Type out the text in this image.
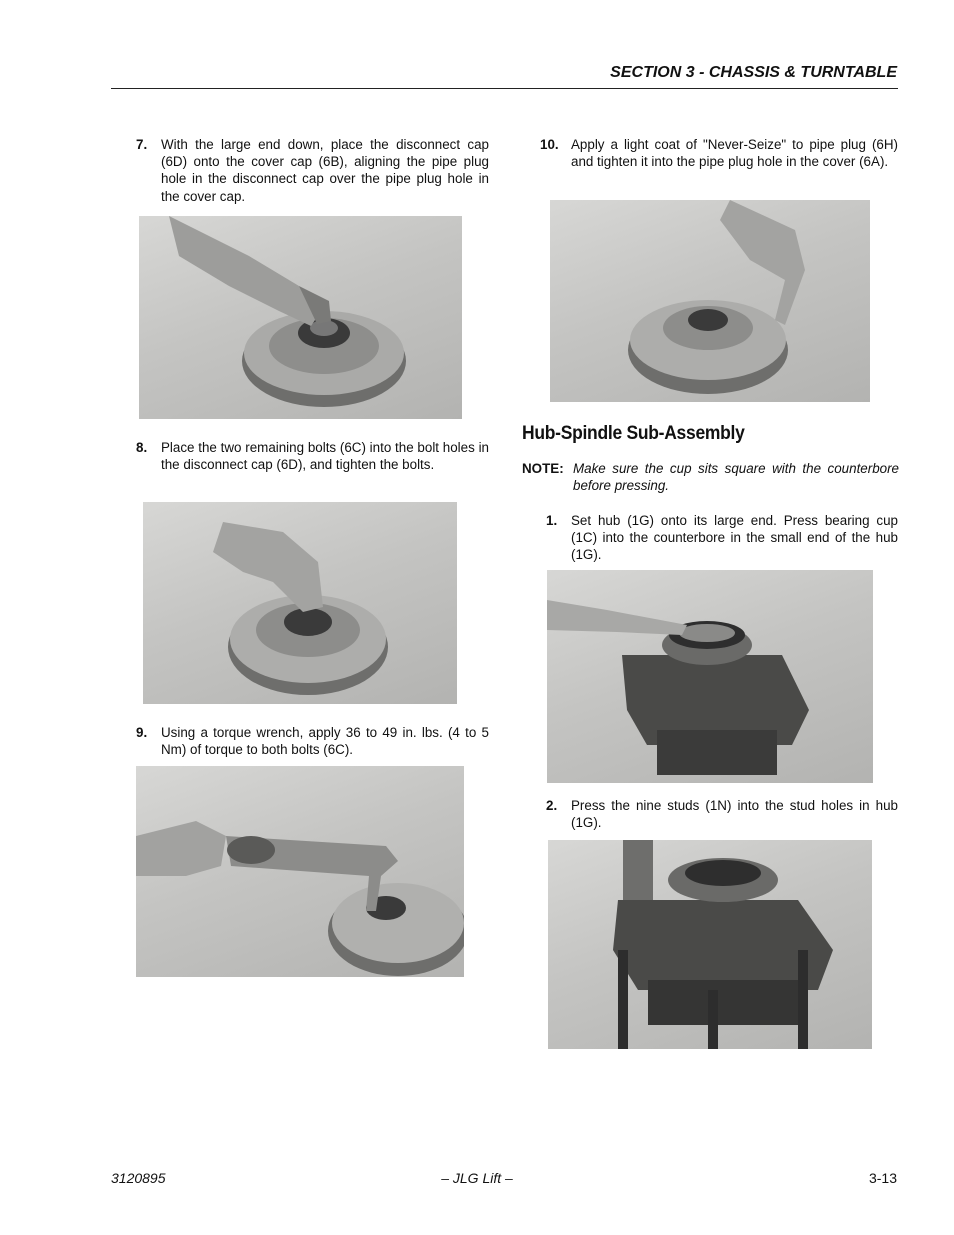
SECTION 3 - CHASSIS & TURNTABLE
7. With the large end down, place the disconnect cap (6D) onto the cover cap (6B), aligning the pipe plug hole in the disconnect cap over the pipe plug hole in the cover cap.
8. Place the two remaining bolts (6C) into the bolt holes in the disconnect cap (6D), and tighten the bolts.
9. Using a torque wrench, apply 36 to 49 in. lbs. (4 to 5 Nm) of torque to both bolts (6C).
10. Apply a light coat of "Never-Seize" to pipe plug (6H) and tighten it into the pipe plug hole in the cover (6A).
Hub-Spindle Sub-Assembly
NOTE: Make sure the cup sits square with the counterbore before pressing.
1. Set hub (1G) onto its large end. Press bearing cup (1C) into the counterbore in the small end of the hub (1G).
2. Press the nine studs (1N) into the stud holes in hub (1G).
3120895	– JLG Lift –	3-13
